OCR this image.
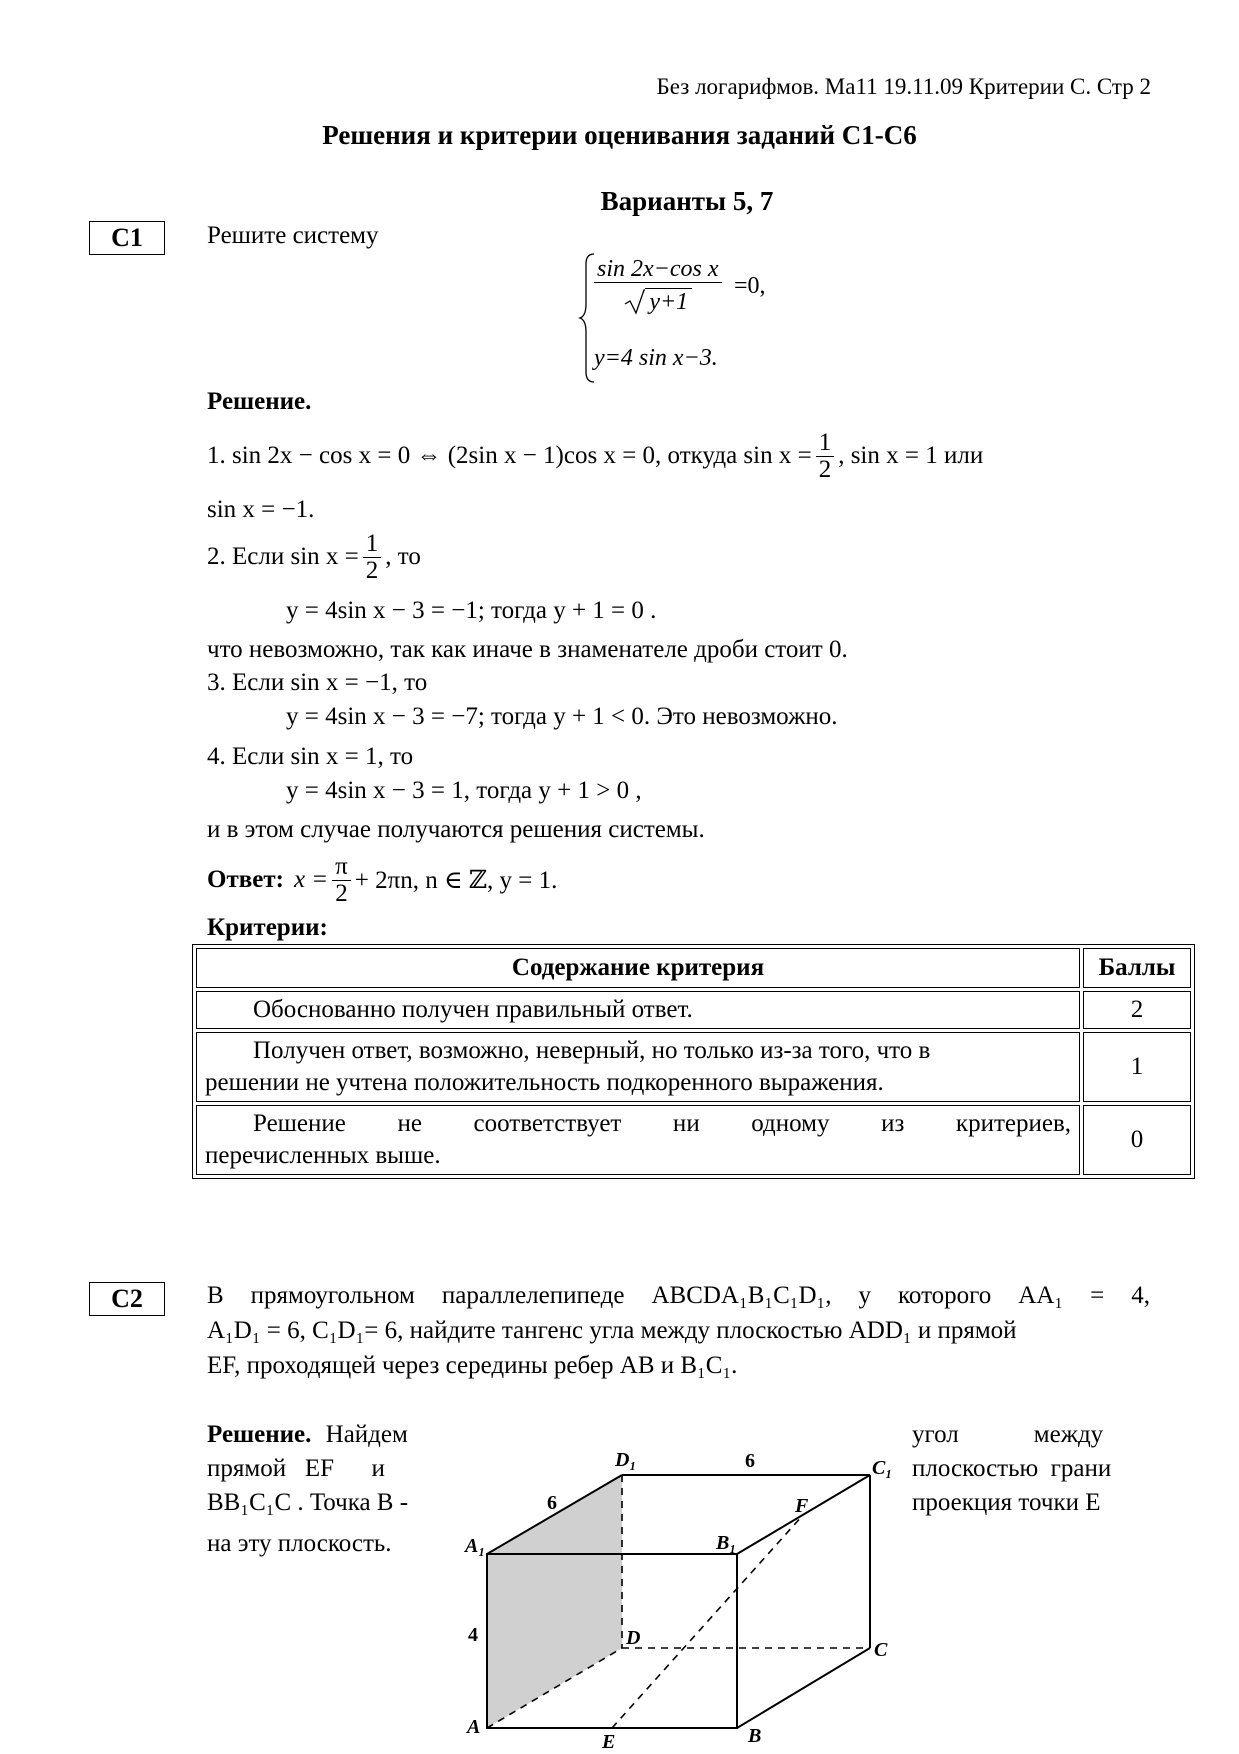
Без логарифмов. Ма11 19.11.09 Критерии С. Стр 2
Решения и критерии оценивания заданий С1-С6
Варианты 5, 7
C1	Решите систему
$\frac{\text{sin 2x−cos x}}{y+1} =0$,
y=4 sin x−3.
Решение.
1. sin 2x − cos x = 0 ⇔ (2sin x − 1)cos x = 0, откуда $\sin x = \frac{1}{2}$ , sin x = 1 или
sin x = −1.
2. Если $\sin x = \frac{1}{2}$ , то
y = 4sin x − 3 = −1; тогда y + 1 = 0 .
что невозможно, так как иначе в знаменателе дроби стоит 0.
3. Если sin x = −1, то
y = 4sin x − 3 = −7; тогда y + 1 < 0. Это невозможно.
4. Если sin x = 1, то
y = 4sin x − 3 = 1, тогда y + 1 > 0 ,
и в этом случае получаются решения системы.
Ответ: $x = \frac{\pi}{2} + 2\pi n$, n ∈ ℤ, y = 1.
Критерии:
Содержание критерия	Баллы
Обоснованно получен правильный ответ.	2

Получен ответ, возможно, неверный, но только из-за того, что в
решении не учтена положительность подкоренного выражения.	1

Решение не соответствует ни одному из критериев,
перечисленных выше.	0
C2	В прямоугольном параллелепипеде ABCDA₁B₁C₁D₁, у которого AA₁ = 4,
A₁D₁ = 6, C₁D₁= 6, найдите тангенс угла между плоскостью ADD₁ и прямой
EF, проходящей через середины ребер AB и B₁C₁.
Решение. Найдем
прямой   EF      и
BB₁C₁C . Точка B -
на эту плоскость.
угол            между
плоскостью  грани
проекция точки E
A₁
D₁	C₁
B₁
D
C
A	B
E
F
6
6
4
